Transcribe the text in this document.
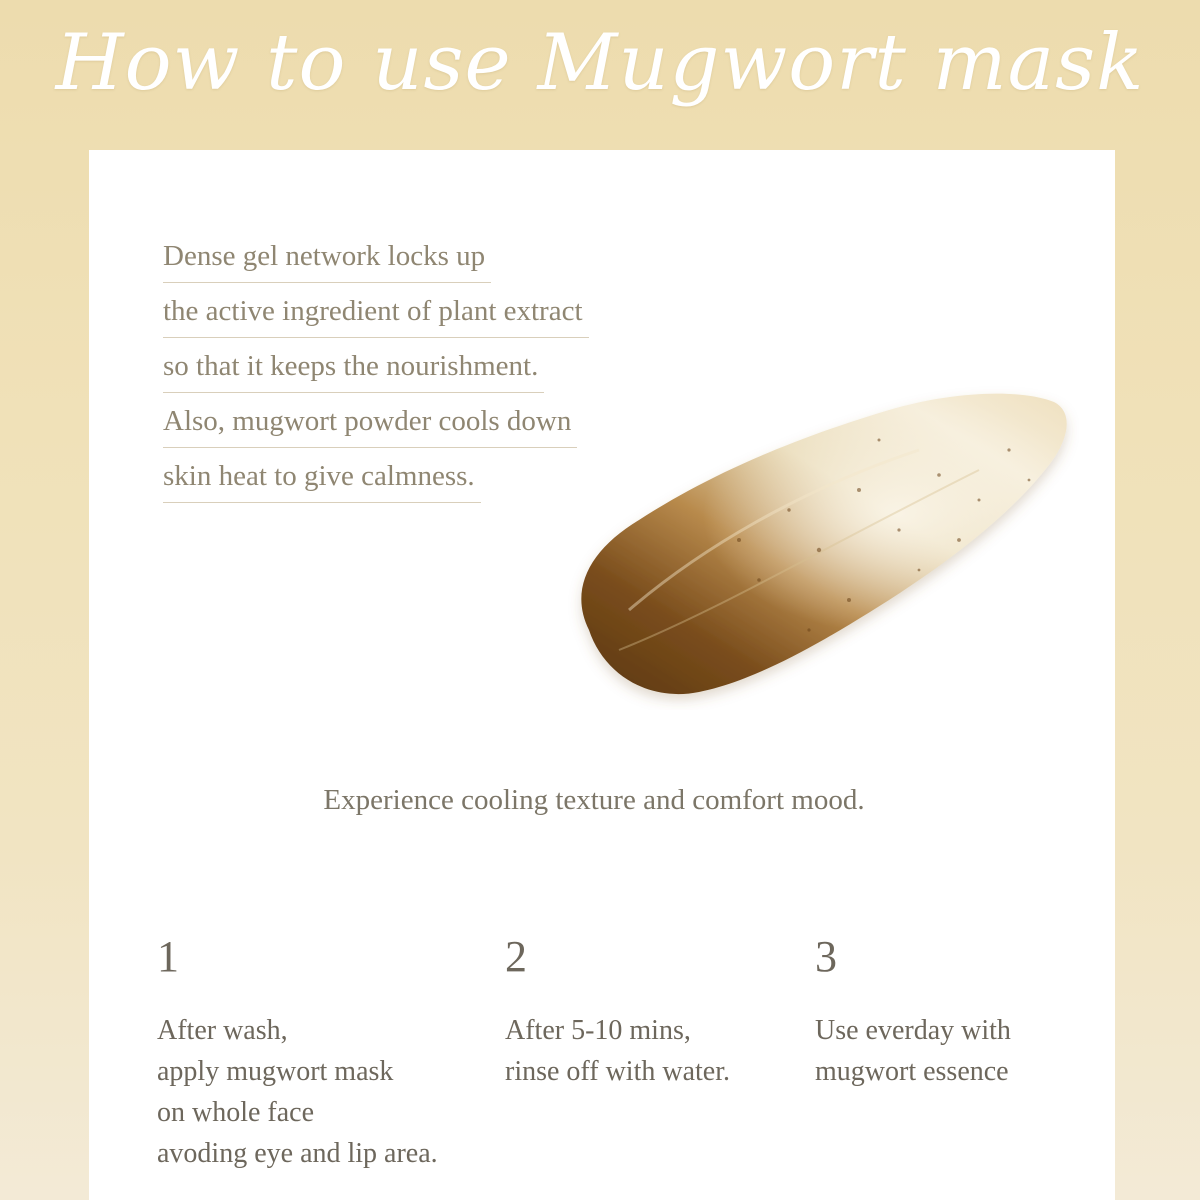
How to use Mugwort mask
Dense gel network locks up
the active ingredient of plant extract
so that it keeps the nourishment.
Also, mugwort powder cools down
skin heat to give calmness.
Experience cooling texture and comfort mood.
1
After wash,
apply mugwort mask
on whole face
avoding eye and lip area.
2
After 5-10 mins,
rinse off with water.
3
Use everday with
mugwort essence
